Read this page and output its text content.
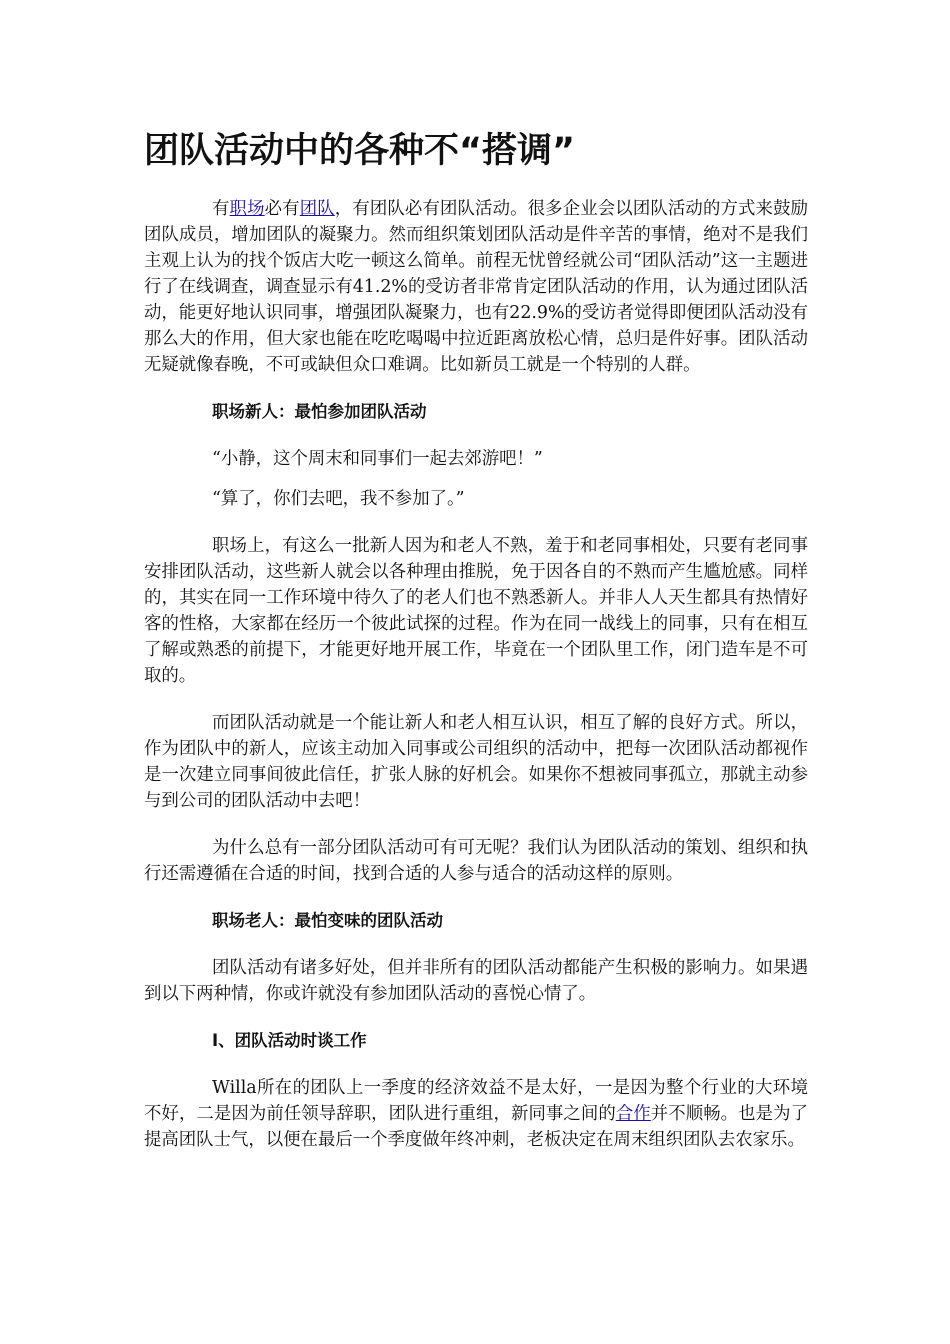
团队活动中的各种不“搭调”

有职场必有团队，有团队必有团队活动。很多企业会以团队活动的方式来鼓励团队成员，增加团队的凝聚力。然而组织策划团队活动是件辛苦的事情，绝对不是我们主观上认为的找个饭店大吃一顿这么简单。前程无忧曾经就公司“团队活动”这一主题进行了在线调查，调查显示有41.2%的受访者非常肯定团队活动的作用，认为通过团队活动，能更好地认识同事，增强团队凝聚力，也有22.9%的受访者觉得即便团队活动没有那么大的作用，但大家也能在吃吃喝喝中拉近距离放松心情，总归是件好事。团队活动无疑就像春晚，不可或缺但众口难调。比如新员工就是一个特别的人群。

职场新人：最怕参加团队活动

“小静，这个周末和同事们一起去郊游吧！”

“算了，你们去吧，我不参加了。”

职场上，有这么一批新人因为和老人不熟，羞于和老同事相处，只要有老同事安排团队活动，这些新人就会以各种理由推脱，免于因各自的不熟而产生尴尬感。同样的，其实在同一工作环境中待久了的老人们也不熟悉新人。并非人人天生都具有热情好客的性格，大家都在经历一个彼此试探的过程。作为在同一战线上的同事，只有在相互了解或熟悉的前提下，才能更好地开展工作，毕竟在一个团队里工作，闭门造车是不可取的。

而团队活动就是一个能让新人和老人相互认识，相互了解的良好方式。所以，作为团队中的新人，应该主动加入同事或公司组织的活动中，把每一次团队活动都视作是一次建立同事间彼此信任，扩张人脉的好机会。如果你不想被同事孤立，那就主动参与到公司的团队活动中去吧！

为什么总有一部分团队活动可有可无呢？我们认为团队活动的策划、组织和执行还需遵循在合适的时间，找到合适的人参与适合的活动这样的原则。

职场老人：最怕变味的团队活动

团队活动有诸多好处，但并非所有的团队活动都能产生积极的影响力。如果遇到以下两种情，你或许就没有参加团队活动的喜悦心情了。

Ⅰ、团队活动时谈工作

Willa所在的团队上一季度的经济效益不是太好，一是因为整个行业的大环境不好，二是因为前任领导辞职，团队进行重组，新同事之间的合作并不顺畅。也是为了提高团队士气，以便在最后一个季度做年终冲刺，老板决定在周末组织团队去农家乐。
